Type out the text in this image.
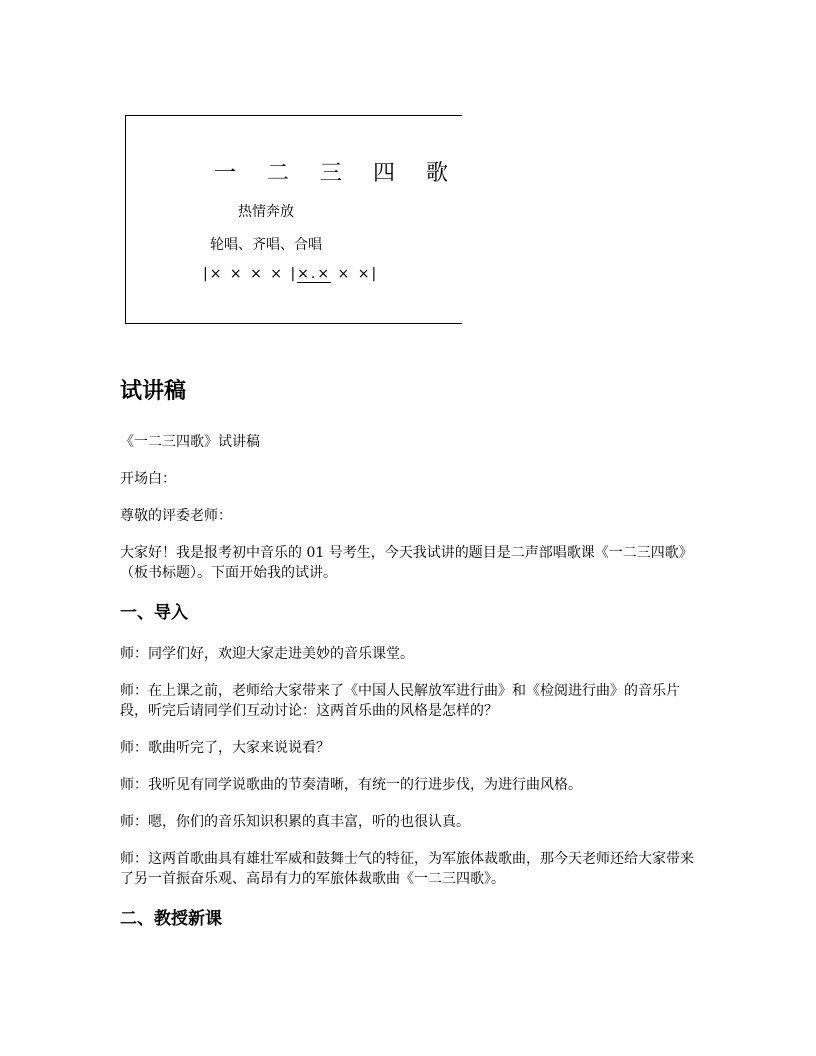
一 二 三 四 歌
热情奔放
轮唱、齐唱、合唱
|× × × × |×.× × ×|
试讲稿

《一二三四歌》试讲稿

开场白：

尊敬的评委老师：

大家好！我是报考初中音乐的 01 号考生，今天我试讲的题目是二声部唱歌课《一二三四歌》（板书标题）。下面开始我的试讲。

一、导入

师：同学们好，欢迎大家走进美妙的音乐课堂。

师：在上课之前，老师给大家带来了《中国人民解放军进行曲》和《检阅进行曲》的音乐片段，听完后请同学们互动讨论：这两首乐曲的风格是怎样的？

师：歌曲听完了，大家来说说看？

师：我听见有同学说歌曲的节奏清晰，有统一的行进步伐，为进行曲风格。

师：嗯，你们的音乐知识积累的真丰富，听的也很认真。

师：这两首歌曲具有雄壮军威和鼓舞士气的特征，为军旅体裁歌曲，那今天老师还给大家带来了另一首振奋乐观、高昂有力的军旅体裁歌曲《一二三四歌》。

二、教授新课
